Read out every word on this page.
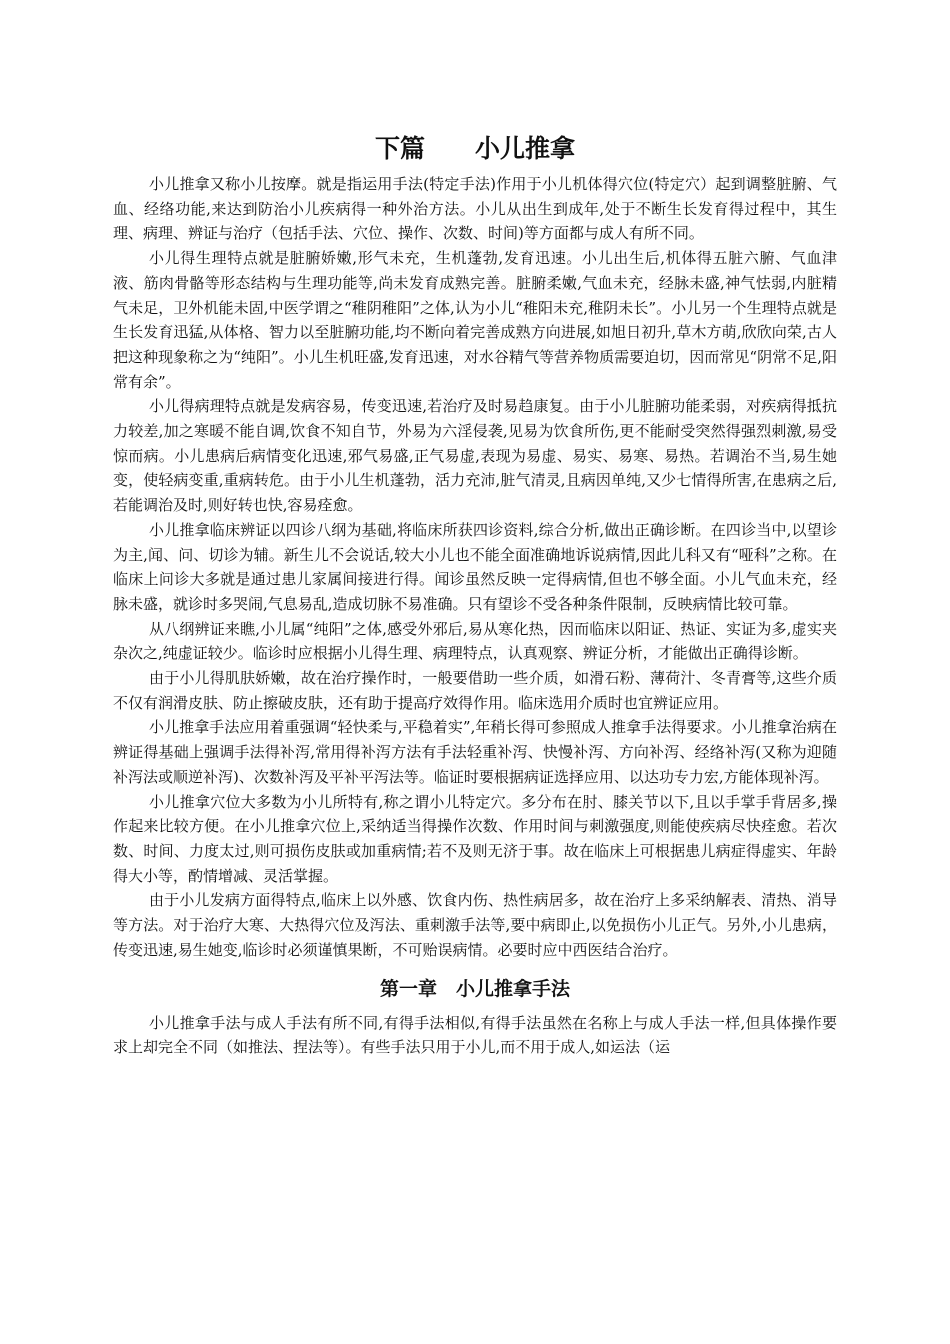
下篇　　小儿推拿

小儿推拿又称小儿按摩。就是指运用手法(特定手法)作用于小儿机体得穴位(特定穴）起到调整脏腑、气血、经络功能,来达到防治小儿疾病得一种外治方法。小儿从出生到成年,处于不断生长发育得过程中，其生理、病理、辨证与治疗（包括手法、穴位、操作、次数、时间)等方面都与成人有所不同。

小儿得生理特点就是脏腑娇嫩,形气未充，生机蓬勃,发育迅速。小儿出生后,机体得五脏六腑、气血津液、筋肉骨骼等形态结构与生理功能等,尚未发育成熟完善。脏腑柔嫩,气血未充，经脉未盛,神气怯弱,内脏精气未足，卫外机能未固,中医学谓之“稚阴稚阳”之体,认为小儿“稚阳未充,稚阴未长”。小儿另一个生理特点就是生长发育迅猛,从体格、智力以至脏腑功能,均不断向着完善成熟方向进展,如旭日初升,草木方萌,欣欣向荣,古人把这种现象称之为“纯阳”。小儿生机旺盛,发育迅速，对水谷精气等营养物质需要迫切，因而常见“阴常不足,阳常有余”。

小儿得病理特点就是发病容易，传变迅速,若治疗及时易趋康复。由于小儿脏腑功能柔弱，对疾病得抵抗力较差,加之寒暖不能自调,饮食不知自节，外易为六淫侵袭,见易为饮食所伤,更不能耐受突然得强烈刺激,易受惊而病。小儿患病后病情变化迅速,邪气易盛,正气易虚,表现为易虚、易实、易寒、易热。若调治不当,易生她变，使轻病变重,重病转危。由于小儿生机蓬勃，活力充沛,脏气清灵,且病因单纯,又少七情得所害,在患病之后,若能调治及时,则好转也快,容易痊愈。

小儿推拿临床辨证以四诊八纲为基础,将临床所获四诊资料,综合分析,做出正确诊断。在四诊当中,以望诊为主,闻、问、切诊为辅。新生儿不会说话,较大小儿也不能全面准确地诉说病情,因此儿科又有“哑科”之称。在临床上问诊大多就是通过患儿家属间接进行得。闻诊虽然反映一定得病情,但也不够全面。小儿气血未充，经脉未盛，就诊时多哭闹,气息易乱,造成切脉不易准确。只有望诊不受各种条件限制，反映病情比较可靠。

从八纲辨证来瞧,小儿属“纯阳”之体,感受外邪后,易从寒化热，因而临床以阳证、热证、实证为多,虚实夹杂次之,纯虚证较少。临诊时应根据小儿得生理、病理特点，认真观察、辨证分析，才能做出正确得诊断。

由于小儿得肌肤娇嫩，故在治疗操作时，一般要借助一些介质，如滑石粉、薄荷汁、冬青膏等,这些介质不仅有润滑皮肤、防止擦破皮肤，还有助于提高疗效得作用。临床选用介质时也宜辨证应用。

小儿推拿手法应用着重强调“轻快柔与,平稳着实”,年稍长得可参照成人推拿手法得要求。小儿推拿治病在辨证得基础上强调手法得补泻,常用得补泻方法有手法轻重补泻、快慢补泻、方向补泻、经络补泻(又称为迎随补泻法或顺逆补泻)、次数补泻及平补平泻法等。临证时要根据病证选择应用、以达功专力宏,方能体现补泻。

小儿推拿穴位大多数为小儿所特有,称之谓小儿特定穴。多分布在肘、膝关节以下,且以手掌手背居多,操作起来比较方便。在小儿推拿穴位上,采纳适当得操作次数、作用时间与刺激强度,则能使疾病尽快痊愈。若次数、时间、力度太过,则可损伤皮肤或加重病情;若不及则无济于事。故在临床上可根据患儿病症得虚实、年龄得大小等，酌情增减、灵活掌握。

由于小儿发病方面得特点,临床上以外感、饮食内伤、热性病居多，故在治疗上多采纳解表、清热、消导等方法。对于治疗大寒、大热得穴位及泻法、重刺激手法等,要中病即止,以免损伤小儿正气。另外,小儿患病，传变迅速,易生她变,临诊时必须谨慎果断，不可贻误病情。必要时应中西医结合治疗。

第一章　小儿推拿手法

小儿推拿手法与成人手法有所不同,有得手法相似,有得手法虽然在名称上与成人手法一样,但具体操作要求上却完全不同（如推法、捏法等）。有些手法只用于小儿,而不用于成人,如运法（运
